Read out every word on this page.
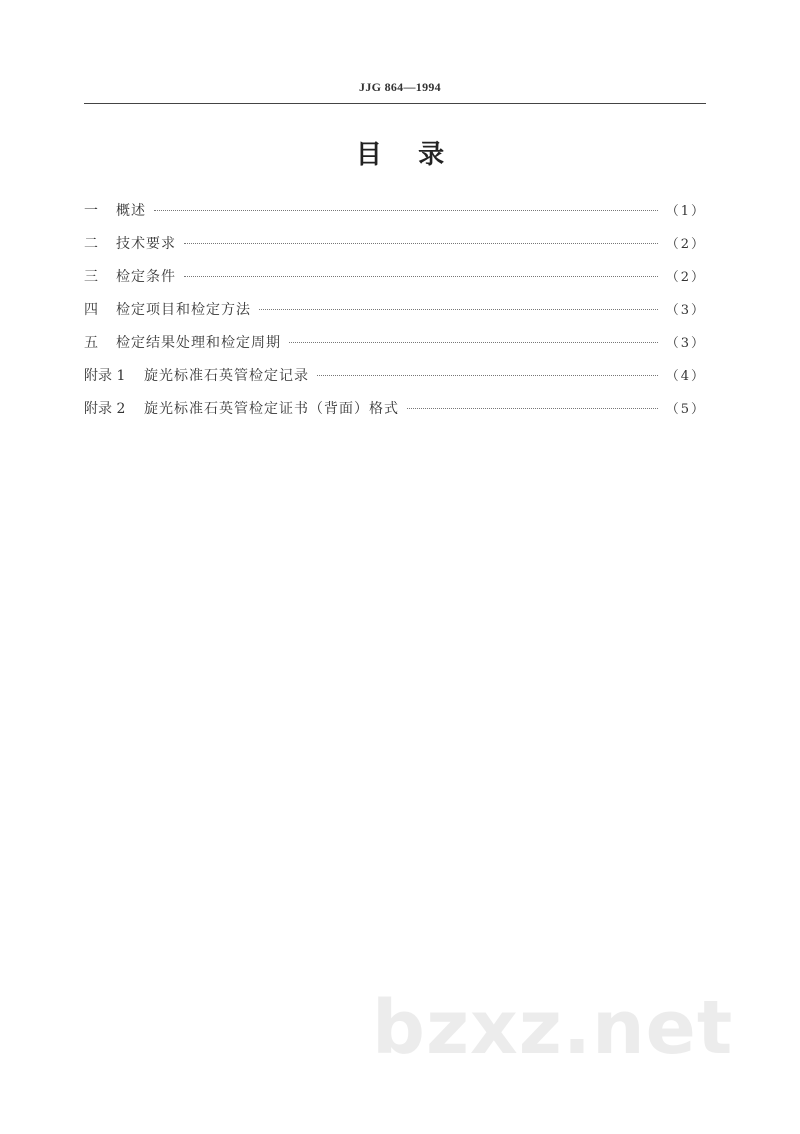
JJG 864—1994
目    录
一	概述	（1）
二	技术要求	（2）
三	检定条件	（2）
四	检定项目和检定方法	（3）
五	检定结果处理和检定周期	（3）
附录 1	旋光标准石英管检定记录	（4）
附录 2	旋光标准石英管检定证书（背面）格式	（5）
bzxz.net
